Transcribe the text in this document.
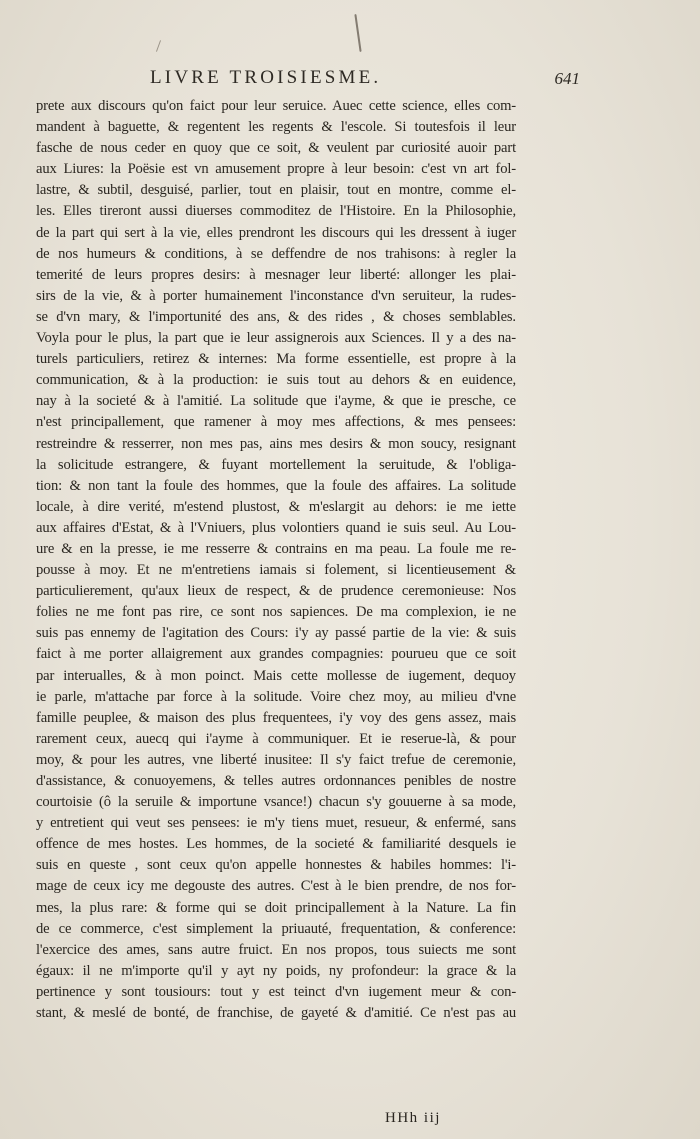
LIVRE TROISIESME.	641
prete aux discours qu'on faict pour leur seruice. Auec cette science, elles com-
mandent à baguette, & regentent les regents & l'escole. Si toutesfois il leur
fasche de nous ceder en quoy que ce soit, & veulent par curiosité auoir part
aux Liures: la Poësie est vn amusement propre à leur besoin: c'est vn art fol-
lastre, & subtil, desguisé, parlier, tout en plaisir, tout en montre, comme el-
les. Elles tireront aussi diuerses commoditez de l'Histoire. En la Philosophie,
de la part qui sert à la vie, elles prendront les discours qui les dressent à iuger
de nos humeurs & conditions, à se deffendre de nos trahisons: à regler la
temerité de leurs propres desirs: à mesnager leur liberté: allonger les plai-
sirs de la vie, & à porter humainement l'inconstance d'vn seruiteur, la rudes-
se d'vn mary, & l'importunité des ans, & des rides , & choses semblables.
Voyla pour le plus, la part que ie leur assignerois aux Sciences. Il y a des na-
turels particuliers, retirez & internes: Ma forme essentielle, est propre à la
communication, & à la production: ie suis tout au dehors & en euidence,
nay à la societé & à l'amitié. La solitude que i'ayme, & que ie presche, ce
n'est principallement, que ramener à moy mes affections, & mes pensees:
restreindre & resserrer, non mes pas, ains mes desirs & mon soucy, resignant
la solicitude estrangere, & fuyant mortellement la seruitude, & l'obliga-
tion: & non tant la foule des hommes, que la foule des affaires. La solitude
locale, à dire verité, m'estend plustost, & m'eslargit au dehors: ie me iette
aux affaires d'Estat, & à l'Vniuers, plus volontiers quand ie suis seul. Au Lou-
ure & en la presse, ie me resserre & contrains en ma peau. La foule me re-
pousse à moy. Et ne m'entretiens iamais si folement, si licentieusement &
particulierement, qu'aux lieux de respect, & de prudence ceremonieuse: Nos
folies ne me font pas rire, ce sont nos sapiences. De ma complexion, ie ne
suis pas ennemy de l'agitation des Cours: i'y ay passé partie de la vie: & suis
faict à me porter allaigrement aux grandes compagnies: pourueu que ce soit
par interualles, & à mon poinct. Mais cette mollesse de iugement, dequoy
ie parle, m'attache par force à la solitude. Voire chez moy, au milieu d'vne
famille peuplee, & maison des plus frequentees, i'y voy des gens assez, mais
rarement ceux, auecq qui i'ayme à communiquer. Et ie reserue-là, & pour
moy, & pour les autres, vne liberté inusitee: Il s'y faict trefue de ceremonie,
d'assistance, & conuoyemens, & telles autres ordonnances penibles de nostre
courtoisie (ô la seruile & importune vsance!) chacun s'y gouuerne à sa mode,
y entretient qui veut ses pensees: ie m'y tiens muet, resueur, & enfermé, sans
offence de mes hostes. Les hommes, de la societé & familiarité desquels ie
suis en queste , sont ceux qu'on appelle honnestes & habiles hommes: l'i-
mage de ceux icy me degouste des autres. C'est à le bien prendre, de nos for-
mes, la plus rare: & forme qui se doit principallement à la Nature. La fin
de ce commerce, c'est simplement la priuauté, frequentation, & conference:
l'exercice des ames, sans autre fruict. En nos propos, tous suiects me sont
égaux: il ne m'importe qu'il y ayt ny poids, ny profondeur: la grace & la
pertinence y sont tousiours: tout y est teinct d'vn iugement meur & con-
stant, & meslé de bonté, de franchise, de gayeté & d'amitié. Ce n'est pas au
HHh iij
